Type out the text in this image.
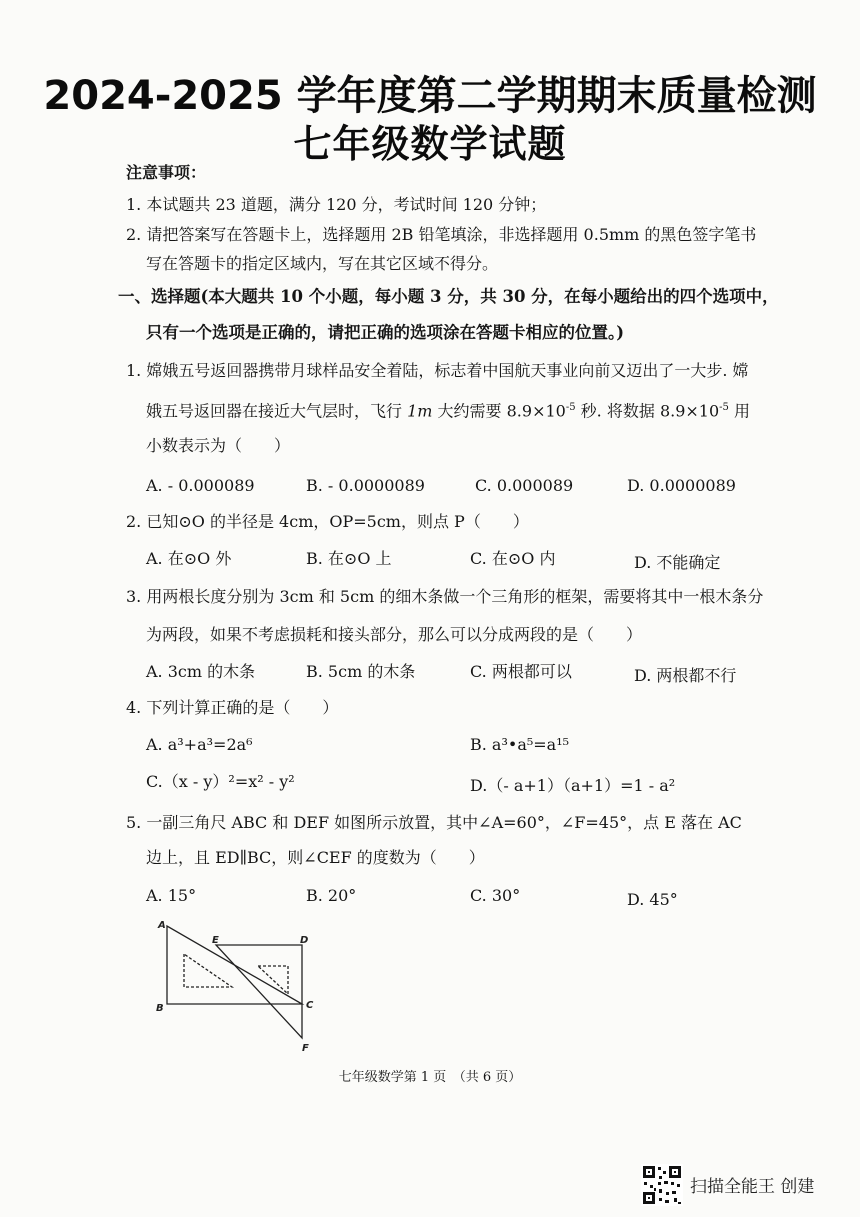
2024-2025 学年度第二学期期末质量检测
七年级数学试题
注意事项：
1. 本试题共 23 道题，满分 120 分，考试时间 120 分钟；
2. 请把答案写在答题卡上，选择题用 2B 铅笔填涂，非选择题用 0.5mm 的黑色签字笔书
写在答题卡的指定区域内，写在其它区域不得分。
一、选择题(本大题共 10 个小题，每小题 3 分，共 30 分，在每小题给出的四个选项中，
只有一个选项是正确的，请把正确的选项涂在答题卡相应的位置。)
1. 嫦娥五号返回器携带月球样品安全着陆，标志着中国航天事业向前又迈出了一大步. 嫦
娥五号返回器在接近大气层时，飞行 1m 大约需要 $8.9\times 10^{-5}$ 秒. 将数据 $8.9\times 10^{-5}$ 用
小数表示为（　　）
A. - 0.000089	B. - 0.0000089	C. 0.000089	D. 0.0000089
2. 已知⊙O 的半径是 4cm，OP=5cm，则点 P（　　）
A. 在⊙O 外	B. 在⊙O 上	C. 在⊙O 内	D. 不能确定
3. 用两根长度分别为 3cm 和 5cm 的细木条做一个三角形的框架，需要将其中一根木条分
为两段，如果不考虑损耗和接头部分，那么可以分成两段的是（　　）
A. 3cm 的木条	B. 5cm 的木条	C. 两根都可以	D. 两根都不行
4. 下列计算正确的是（　　）
A. a³+a³=2a⁶	B. a³•a⁵=a¹⁵
C.（x - y）²=x² - y²	D.（- a+1）（a+1）=1 - a²
5. 一副三角尺 ABC 和 DEF 如图所示放置，其中∠A=60°，∠F=45°，点 E 落在 AC
边上，且 ED∥BC，则∠CEF 的度数为（　　）
A. 15°	B. 20°	C. 30°	D. 45°
A
B	C
D
E
F
七年级数学第 1 页　（共 6 页）
扫描全能王 创建
